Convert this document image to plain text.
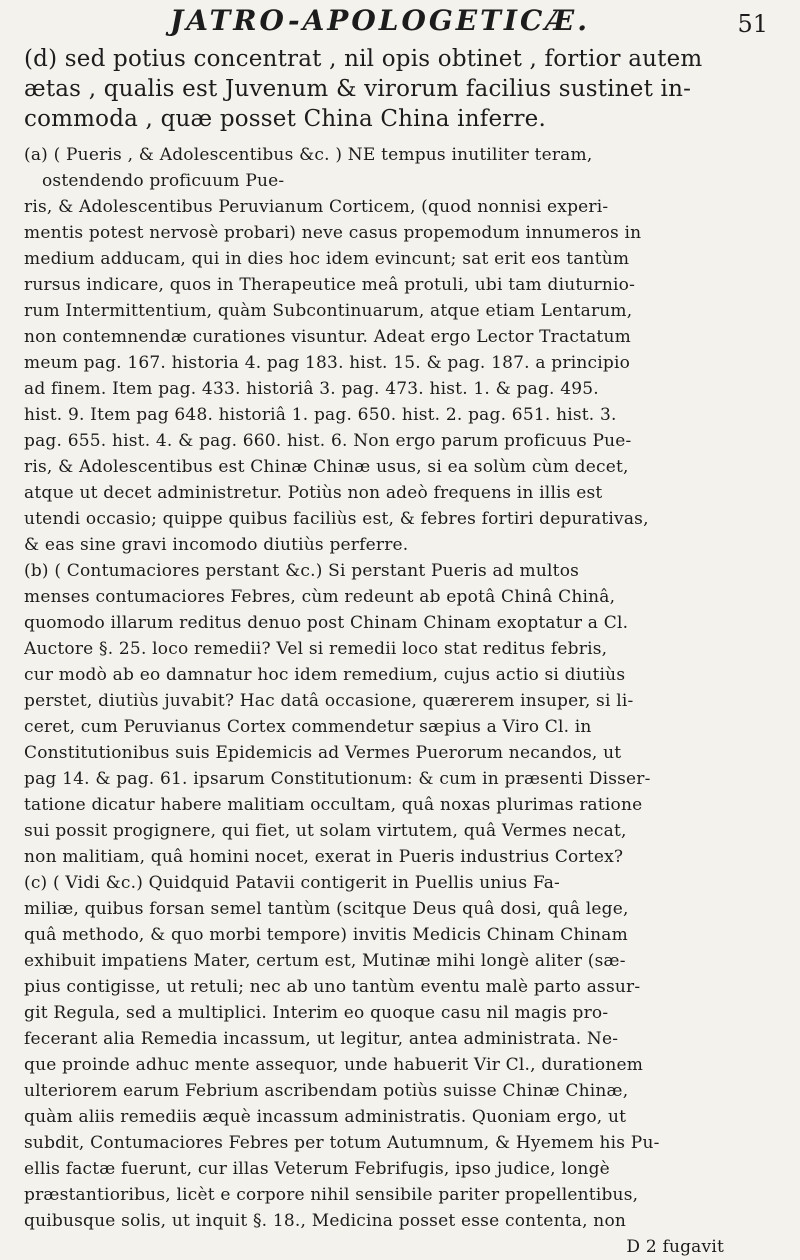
JATRO-APOLOGETICÆ.	51
(d) sed potius concentrat , nil opis obtinet , fortior autem
ætas , qualis est Juvenum & virorum facilius sustinet in-
commoda , quæ posset China China inferre.
(a) ( Pueris , & Adolescentibus &c. ) NE tempus inutiliter teram,
ostendendo proficuum Pue-
ris, & Adolescentibus Peruvianum Corticem, (quod nonnisi experi-
mentis potest nervosè probari) neve casus propemodum innumeros in
medium adducam, qui in dies hoc idem evincunt; sat erit eos tantùm
rursus indicare, quos in Therapeutice meâ protuli, ubi tam diuturnio-
rum Intermittentium, quàm Subcontinuarum, atque etiam Lentarum,
non contemnendæ curationes visuntur. Adeat ergo Lector Tractatum
meum pag. 167. historia 4. pag 183. hist. 15. & pag. 187. a principio
ad finem. Item pag. 433. historiâ 3. pag. 473. hist. 1. & pag. 495.
hist. 9. Item pag 648. historiâ 1. pag. 650. hist. 2. pag. 651. hist. 3.
pag. 655. hist. 4. & pag. 660. hist. 6. Non ergo parum proficuus Pue-
ris, & Adolescentibus est Chinæ Chinæ usus, si ea solùm cùm decet,
atque ut decet administretur. Potiùs non adeò frequens in illis est
utendi occasio; quippe quibus faciliùs est, & febres fortiri depurativas,
& eas sine gravi incomodo diutiùs perferre.
(b) ( Contumaciores perstant &c.) Si perstant Pueris ad multos
menses contumaciores Febres, cùm redeunt ab epotâ Chinâ Chinâ,
quomodo illarum reditus denuo post Chinam Chinam exoptatur a Cl.
Auctore §. 25. loco remedii? Vel si remedii loco stat reditus febris,
cur modò ab eo damnatur hoc idem remedium, cujus actio si diutiùs
perstet, diutiùs juvabit? Hac datâ occasione, quærerem insuper, si li-
ceret, cum Peruvianus Cortex commendetur sæpius a Viro Cl. in
Constitutionibus suis Epidemicis ad Vermes Puerorum necandos, ut
pag 14. & pag. 61. ipsarum Constitutionum: & cum in præsenti Disser-
tatione dicatur habere malitiam occultam, quâ noxas plurimas ratione
sui possit progignere, qui fiet, ut solam virtutem, quâ Vermes necat,
non malitiam, quâ homini nocet, exerat in Pueris industrius Cortex?
(c) ( Vidi &c.) Quidquid Patavii contigerit in Puellis unius Fa-
miliæ, quibus forsan semel tantùm (scitque Deus quâ dosi, quâ lege,
quâ methodo, & quo morbi tempore) invitis Medicis Chinam Chinam
exhibuit impatiens Mater, certum est, Mutinæ mihi longè aliter (sæ-
pius contigisse, ut retuli; nec ab uno tantùm eventu malè parto assur-
git Regula, sed a multiplici. Interim eo quoque casu nil magis pro-
fecerant alia Remedia incassum, ut legitur, antea administrata. Ne-
que proinde adhuc mente assequor, unde habuerit Vir Cl., durationem
ulteriorem earum Febrium ascribendam potiùs suisse Chinæ Chinæ,
quàm aliis remediis æquè incassum administratis. Quoniam ergo, ut
subdit, Contumaciores Febres per totum Autumnum, & Hyemem his Pu-
ellis factæ fuerunt, cur illas Veterum Febrifugis, ipso judice, longè
præstantioribus, licèt e corpore nihil sensibile pariter propellentibus,
quibusque solis, ut inquit §. 18., Medicina posset esse contenta, non
D 2 fugavit
